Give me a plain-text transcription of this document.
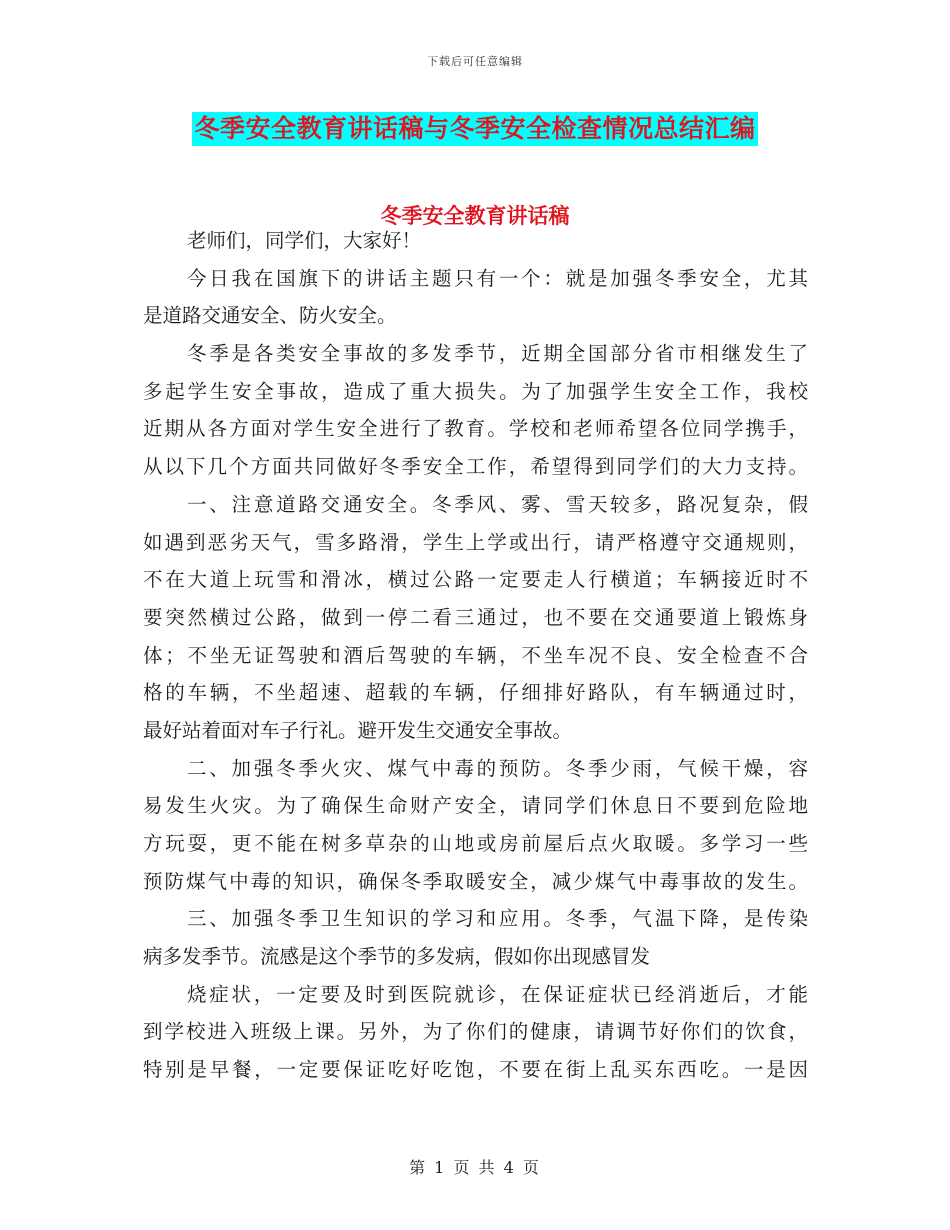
下载后可任意编辑
冬季安全教育讲话稿与冬季安全检查情况总结汇编
冬季安全教育讲话稿
老师们，同学们，大家好！
今日我在国旗下的讲话主题只有一个：就是加强冬季安全，尤其
是道路交通安全、防火安全。
冬季是各类安全事故的多发季节，近期全国部分省市相继发生了
多起学生安全事故，造成了重大损失。为了加强学生安全工作，我校
近期从各方面对学生安全进行了教育。学校和老师希望各位同学携手，
从以下几个方面共同做好冬季安全工作，希望得到同学们的大力支持。
一、注意道路交通安全。冬季风、雾、雪天较多，路况复杂，假
如遇到恶劣天气，雪多路滑，学生上学或出行，请严格遵守交通规则，
不在大道上玩雪和滑冰，横过公路一定要走人行横道；车辆接近时不
要突然横过公路，做到一停二看三通过，也不要在交通要道上锻炼身
体；不坐无证驾驶和酒后驾驶的车辆，不坐车况不良、安全检查不合
格的车辆，不坐超速、超载的车辆，仔细排好路队，有车辆通过时，
最好站着面对车子行礼。避开发生交通安全事故。
二、加强冬季火灾、煤气中毒的预防。冬季少雨，气候干燥，容
易发生火灾。为了确保生命财产安全，请同学们休息日不要到危险地
方玩耍，更不能在树多草杂的山地或房前屋后点火取暖。多学习一些
预防煤气中毒的知识，确保冬季取暖安全，减少煤气中毒事故的发生。
三、加强冬季卫生知识的学习和应用。冬季，气温下降，是传染
病多发季节。流感是这个季节的多发病，假如你出现感冒发
烧症状，一定要及时到医院就诊，在保证症状已经消逝后，才能
到学校进入班级上课。另外，为了你们的健康，请调节好你们的饮食，
特别是早餐，一定要保证吃好吃饱，不要在街上乱买东西吃。一是因
第 1 页 共 4 页
